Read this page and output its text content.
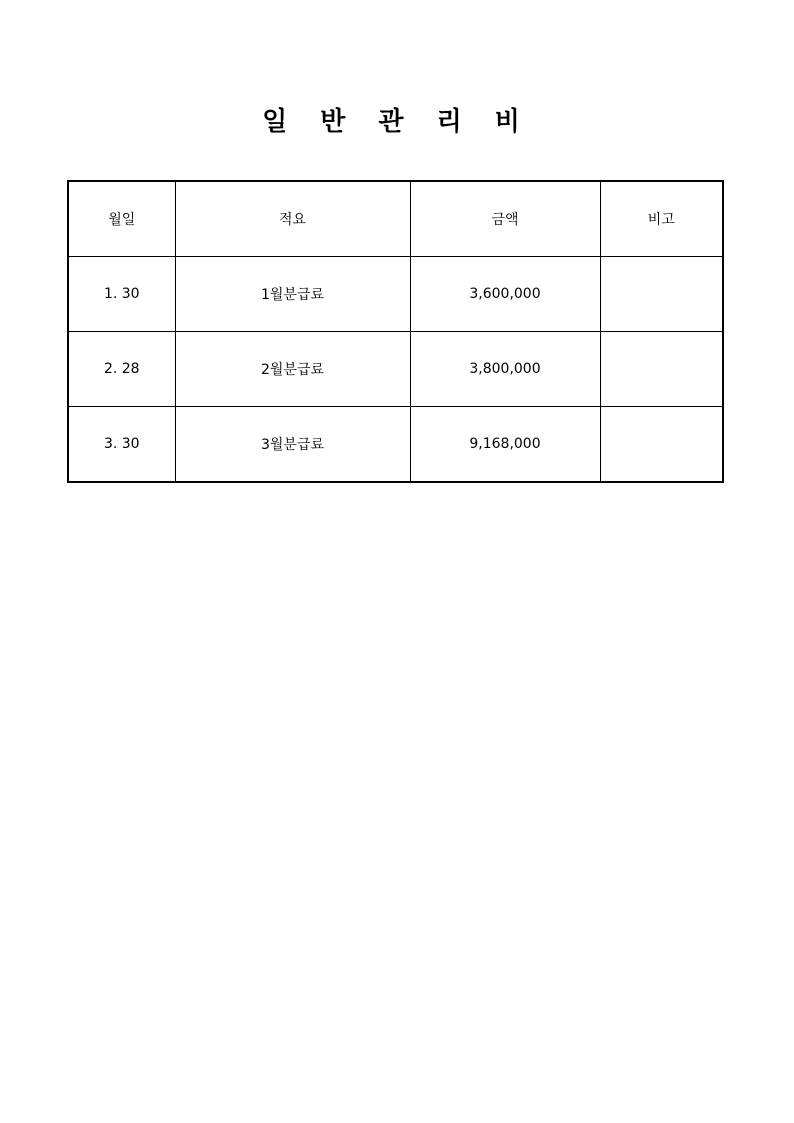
일 반 관 리 비
월일	적요	금액	비고
1. 30	1월분급료	3,600,000	
2. 28	2월분급료	3,800,000	
3. 30	3월분급료	9,168,000	
